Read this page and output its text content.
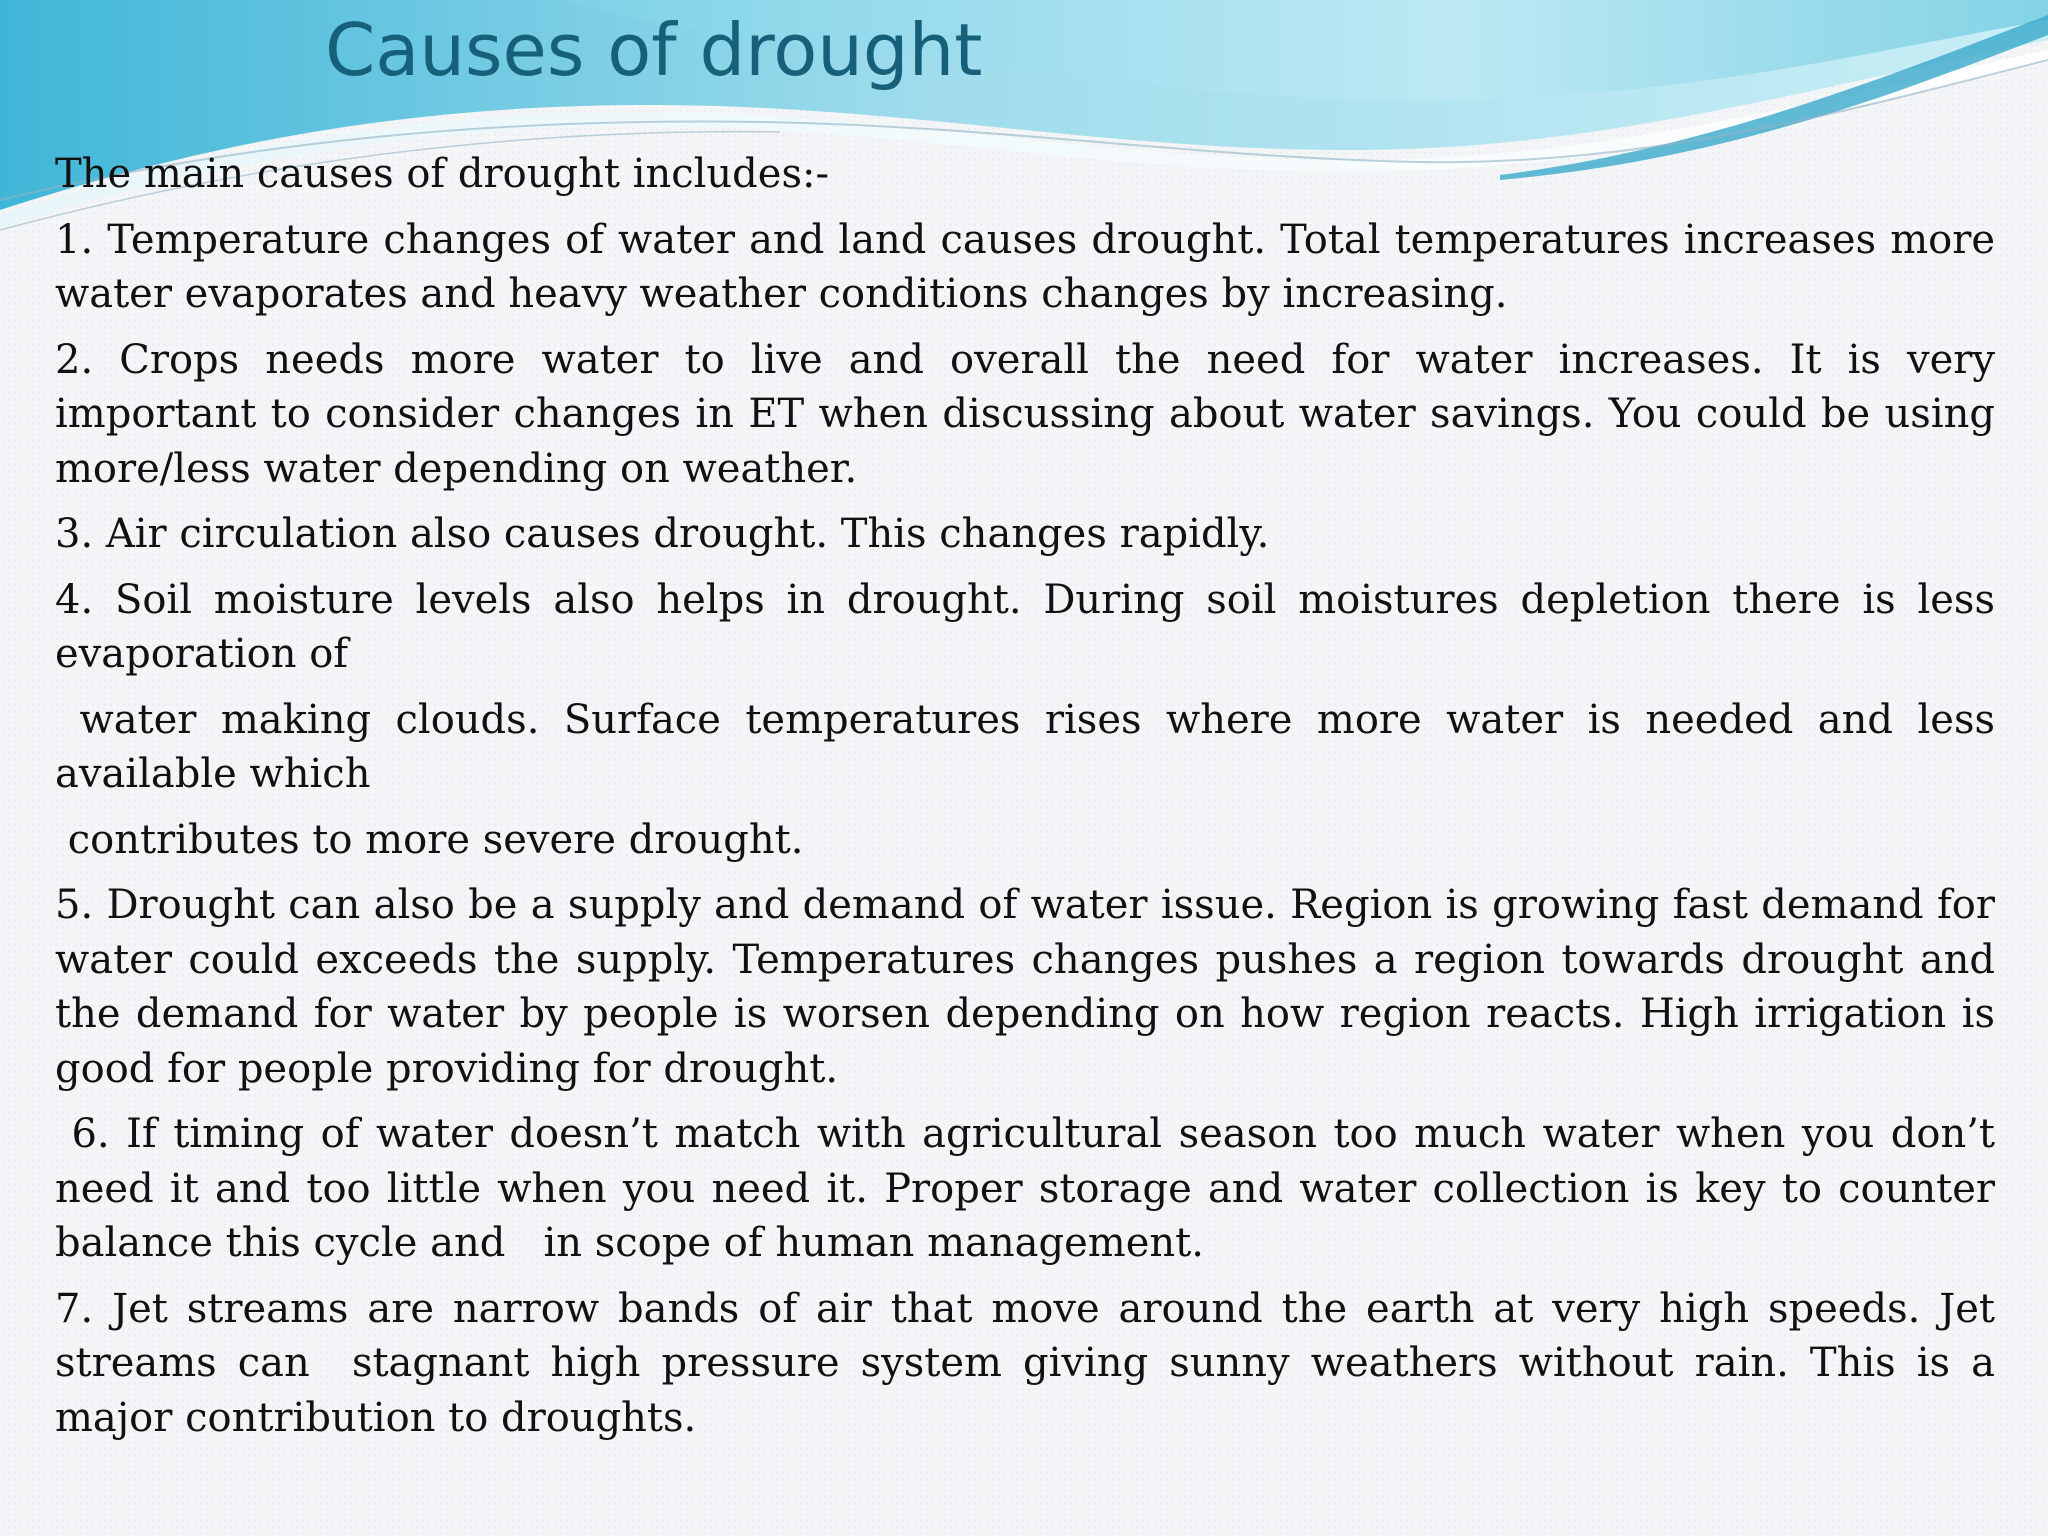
Causes of drought

The main causes of drought includes:-

1. Temperature changes of water and land causes drought. Total temperatures increases more water evaporates and heavy weather conditions changes by increasing.

2. Crops needs more water to live and overall the need for water increases. It is very important to consider changes in ET when discussing about water savings. You could be using more/less water depending on weather.

3. Air circulation also causes drought. This changes rapidly.

4. Soil moisture levels also helps in drought. During soil moistures depletion there is less evaporation of

water making clouds. Surface temperatures rises where more water is needed and less available which

contributes to more severe drought.

5. Drought can also be a supply and demand of water issue. Region is growing fast demand for water could exceeds the supply. Temperatures changes pushes a region towards drought and the demand for water by people is worsen depending on how region reacts. High irrigation is good for people providing for drought.

6. If timing of water doesn’t match with agricultural season too much water when you don’t need it and too little when you need it. Proper storage and water collection is key to counter balance this cycle and   in scope of human management.

7. Jet streams are narrow bands of air that move around the earth at very high speeds. Jet streams can  stagnant high pressure system giving sunny weathers without rain. This is a major contribution to droughts.
